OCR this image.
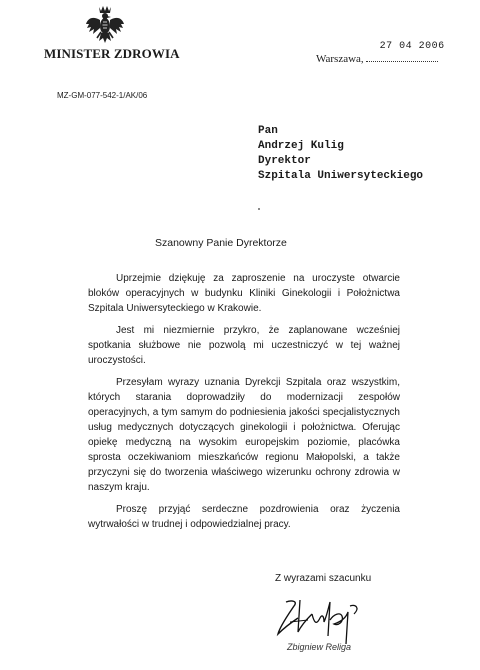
MINISTER ZDROWIA	Warszawa,
27 04 2006
MZ-GM-077-542-1/AK/06
Pan
Andrzej Kulig
Dyrektor
Szpitala Uniwersyteckiego
Szanowny Panie Dyrektorze

Uprzejmie dziękuję za zaproszenie na uroczyste otwarcie bloków operacyjnych w budynku Kliniki Ginekologii i Położnictwa Szpitala Uniwersyteckiego w Krakowie.

Jest mi niezmiernie przykro, że zaplanowane wcześniej spotkania służbowe nie pozwolą mi uczestniczyć w tej ważnej uroczystości.

Przesyłam wyrazy uznania Dyrekcji Szpitala oraz wszystkim, których starania doprowadziły do modernizacji zespołów operacyjnych, a tym samym do podniesienia jakości specjalistycznych usług medycznych dotyczących ginekologii i położnictwa. Oferując opiekę medyczną na wysokim europejskim poziomie, placówka sprosta oczekiwaniom mieszkańców regionu Małopolski, a także przyczyni się do tworzenia właściwego wizerunku ochrony zdrowia w naszym kraju.

Proszę przyjąć serdeczne pozdrowienia oraz życzenia wytrwałości w trudnej i odpowiedzialnej pracy.

Z wyrazami szacunku
Zbigniew Religa
